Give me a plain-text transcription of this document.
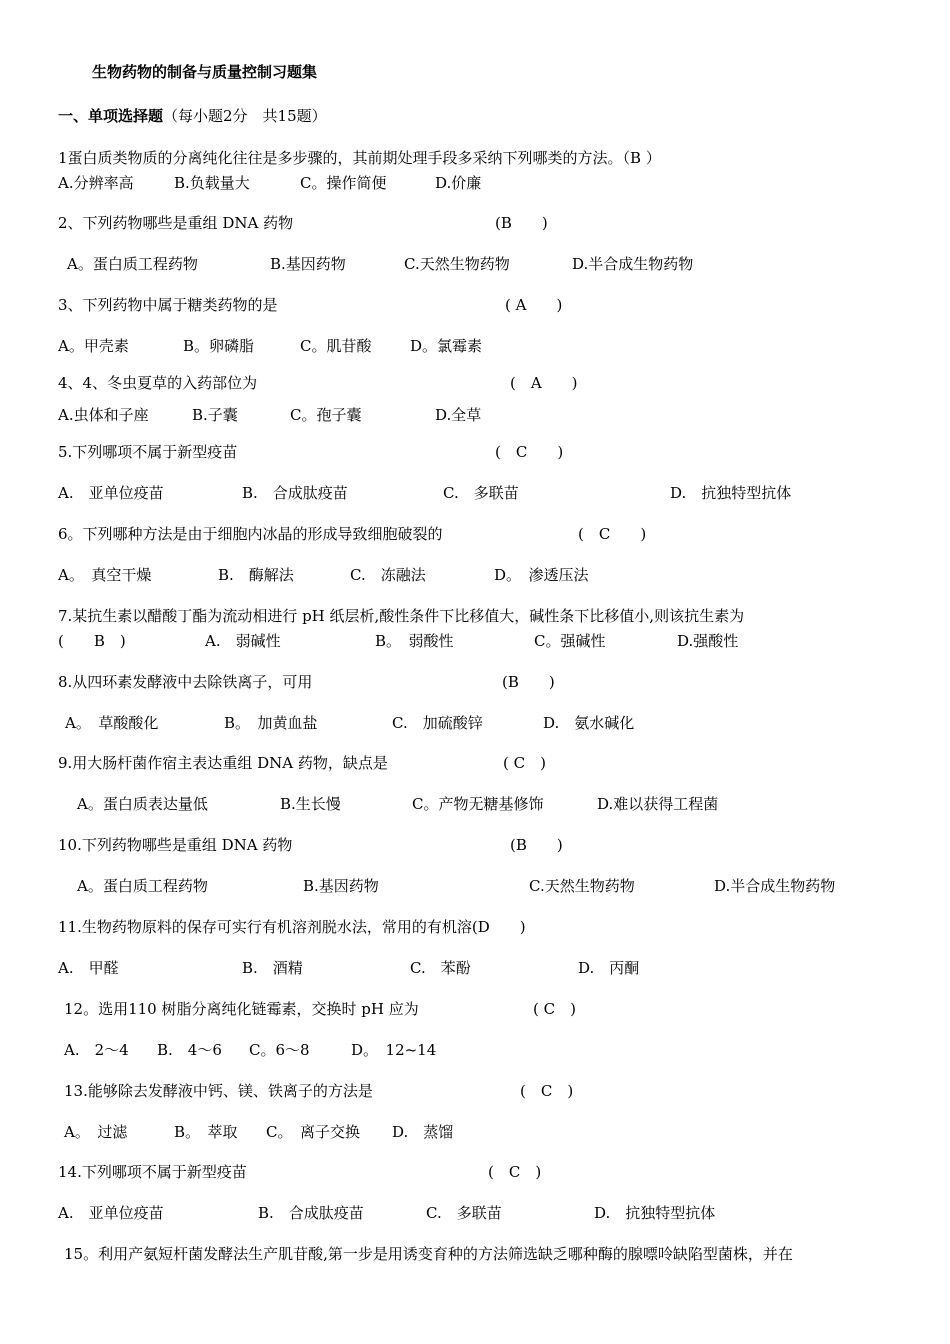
生物药物的制备与质量控制习题集
一、单项选择题（每小题2分　共15题）
1蛋白质类物质的分离纯化往往是多步骤的，其前期处理手段多采纳下列哪类的方法。（B ）
A.分辨率高	B.负载量大	C。操作简便	D.价廉
2、下列药物哪些是重组 DNA 药物	(B　　)
A。蛋白质工程药物	B.基因药物	C.天然生物药物	D.半合成生物药物
3、下列药物中属于糖类药物的是	( A　　)
A。甲壳素	B。卵磷脂	C。肌苷酸	D。氯霉素
4、4、冬虫夏草的入药部位为	(　A　　)
A.虫体和子座	B.子囊	C。孢子囊	D.全草
5.下列哪项不属于新型疫苗	(　C　　)
A.　亚单位疫苗	B.　合成肽疫苗	C.　多联苗	D.　抗独特型抗体
6。下列哪种方法是由于细胞内冰晶的形成导致细胞破裂的	(　C　　)
A。　真空干燥	B.　酶解法	C.　冻融法	D。　渗透压法
7.某抗生素以醋酸丁酯为流动相进行 pH 纸层析,酸性条件下比移值大，碱性条下比移值小,则该抗生素为
(　　B　)	A.　弱碱性	B。　弱酸性	C。强碱性	D.强酸性
8.从四环素发酵液中去除铁离子，可用	(B　　)
A。　草酸酸化	B。　加黄血盐	C.　加硫酸锌	D.　氨水碱化
9.用大肠杆菌作宿主表达重组 DNA 药物，缺点是	( C　)
A。蛋白质表达量低	B.生长慢	C。产物无糖基修饰	D.难以获得工程菌
10.下列药物哪些是重组 DNA 药物	(B　　)
A。蛋白质工程药物	B.基因药物	C.天然生物药物	D.半合成生物药物
11.生物药物原料的保存可实行有机溶剂脱水法，常用的有机溶(D　　)
A.　甲醛	B.　酒精	C.　苯酚	D.　丙酮
12。选用110 树脂分离纯化链霉素，交换时 pH 应为	( C　)
A.　2～4 B.　4～6 C。6～8	D。　12~14
13.能够除去发酵液中钙、镁、铁离子的方法是	(　C　)
A。　过滤	B。　萃取 C。　离子交换 D.　蒸馏
14.下列哪项不属于新型疫苗	(　C　)
A.　亚单位疫苗	B.　合成肽疫苗	C.　多联苗	D.　抗独特型抗体
15。利用产氨短杆菌发酵法生产肌苷酸,第一步是用诱变育种的方法筛选缺乏哪种酶的腺嘌呤缺陷型菌株，并在
